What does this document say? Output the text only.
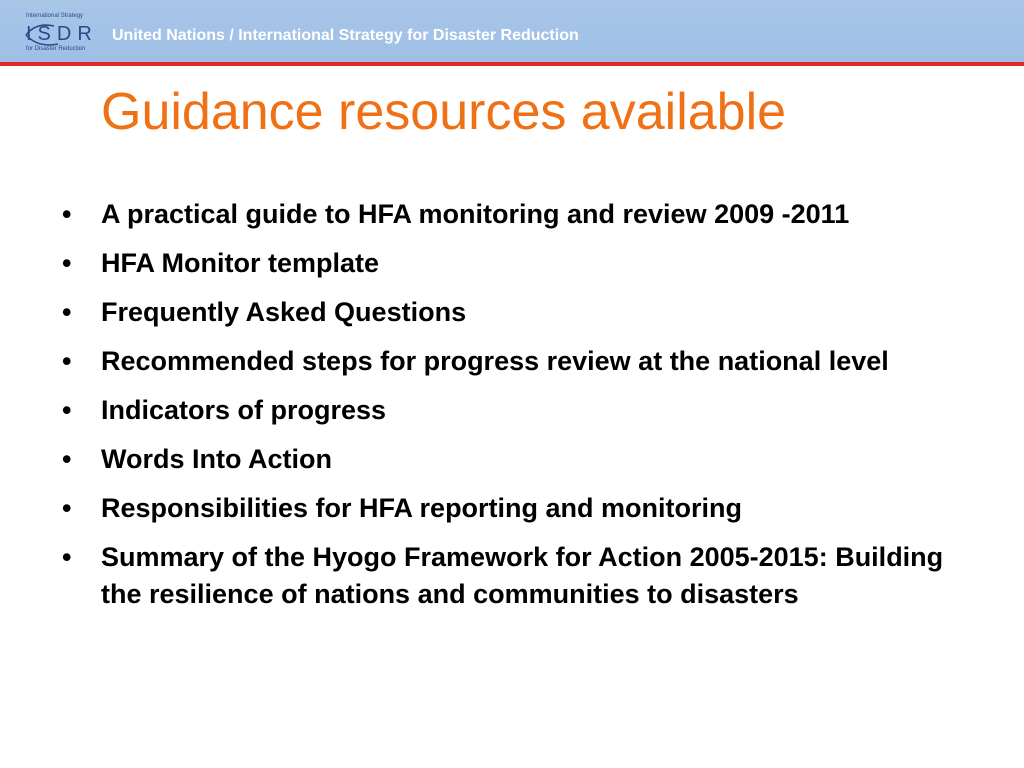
International Strategy
ISDR
for Disaster Reduction
United Nations / International Strategy for Disaster Reduction
Guidance resources available
• A practical guide to HFA monitoring and review 2009 -2011
• HFA Monitor template
• Frequently Asked Questions
• Recommended steps for progress review at the national level
• Indicators of progress
• Words Into Action
• Responsibilities for HFA reporting and monitoring
• Summary of the Hyogo Framework for Action 2005-2015: Building the resilience of nations and communities to disasters
